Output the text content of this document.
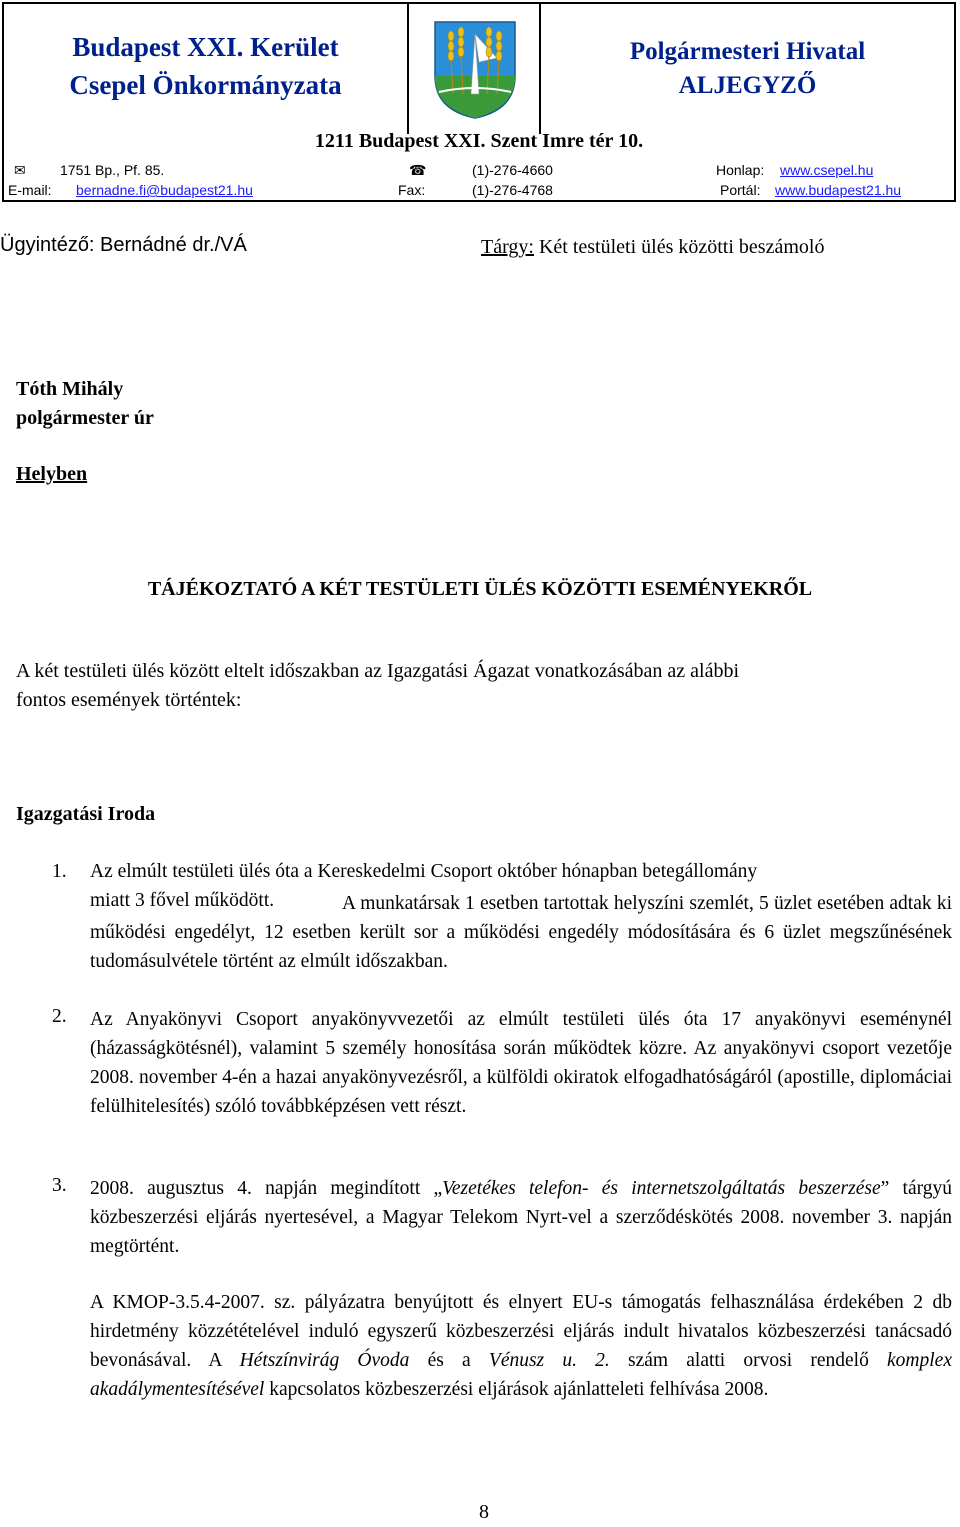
Budapest XXI. Kerület
Csepel Önkormányzata
Polgármesteri Hivatal
ALJEGYZŐ
1211 Budapest XXI. Szent Imre tér 10.
✉ 1751 Bp., Pf. 85.	☎	(1)-276-4660	Honlap: www.csepel.hu
E-mail: bernadne.fi@budapest21.hu	Fax:	(1)-276-4768	Portál: www.budapest21.hu
Ügyintéző: Bernádné dr./VÁ	Tárgy: Két testületi ülés közötti beszámoló
Tóth Mihály
polgármester úr
Helyben
TÁJÉKOZTATÓ A KÉT TESTÜLETI ÜLÉS KÖZÖTTI ESEMÉNYEKRŐL
A két testületi ülés között eltelt időszakban az Igazgatási Ágazat vonatkozásában az alábbi
fontos események történtek:
Igazgatási Iroda
1. Az elmúlt testületi ülés óta a Kereskedelmi Csoport október hónapban betegállomány
miatt 3 fővel működött.	A munkatársak 1 esetben tartottak helyszíni szemlét, 5 üzlet esetében adtak ki működési engedélyt, 12 esetben került sor a működési engedély módosítására és 6 üzlet megszűnésének tudomásulvétele történt az elmúlt időszakban.
2. Az Anyakönyvi Csoport anyakönyvvezetői az elmúlt testületi ülés óta 17 anyakönyvi eseménynél (házasságkötésnél), valamint 5 személy honosítása során működtek közre. Az anyakönyvi csoport vezetője 2008. november 4-én a hazai anyakönyvezésről, a külföldi okiratok elfogadhatóságáról (apostille, diplomáciai felülhitelesítés) szóló továbbképzésen vett részt.
3. 2008. augusztus 4. napján megindított „Vezetékes telefon- és internetszolgáltatás beszerzése” tárgyú közbeszerzési eljárás nyertesével, a Magyar Telekom Nyrt-vel a szerződéskötés 2008. november 3. napján megtörtént.
A KMOP-3.5.4-2007. sz. pályázatra benyújtott és elnyert EU-s támogatás felhasználása érdekében 2 db hirdetmény közzétételével induló egyszerű közbeszerzési eljárás indult hivatalos közbeszerzési tanácsadó bevonásával. A Hétszínvirág Óvoda és a Vénusz u. 2. szám alatti orvosi rendelő komplex akadálymentesítésével kapcsolatos közbeszerzési eljárások ajánlatteleti felhívása 2008.
8
